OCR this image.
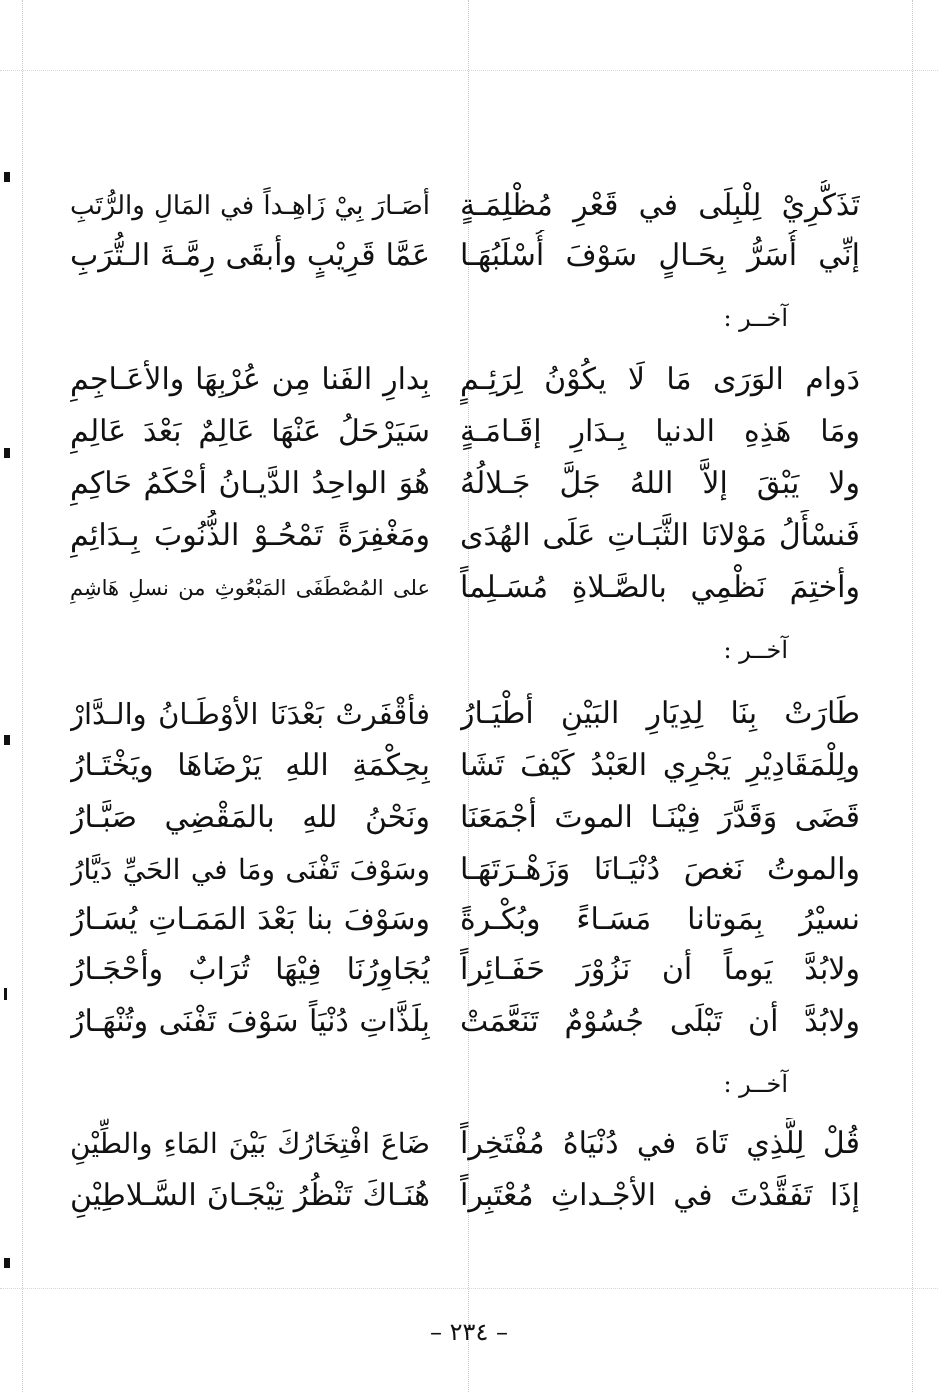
تَذَكُّرِيْ لِلْبِلَى في قَعْرِ مُظْلِمَـةٍ
أصَـارَ بِيْ زَاهِـداً في المَالِ والرُّتَبِ
إنِّي أُسَرُّ بِحَـالٍ سَوْفَ أُسْلَبُهَـا
عَمَّا قَرِيْبٍ وأبقَى رِمَّـةَ الـتُّرَبِ
آخــر :
دَوام الوَرَى مَا لَا يكُوْنُ لِرَئِـمٍ
بِدارِ الفَنا مِن عُرْبِهَا والأعَـاجِمِ
ومَا هَذِهِ الدنيا بِـدَارِ إقَـامَـةٍ
سَيَرْحَلُ عَنْهَا عَالِمٌ بَعْدَ عَالِمِ
ولا يَبْقَ إلاَّ اللهُ جَلَّ جَـلالُهُ
هُوَ الواحِدُ الدَّيـانُ أحْكَمُ حَاكِمِ
فَنسْأَلُ مَوْلانَا الثَّبَـاتِ عَلَى الهُدَى
ومَغْفِرَةً تَمْحُـوْ الذُّنُوبَ بِـدَائِمِ
وأختِمَ نَظْمِي بالصَّـلاةِ مُسَـلِماً
على المُصْطَفَى المَبْعُوثِ من نسلِ هَاشِمِ
آخــر :
طَارَتْ بِنَا لِدِيَارِ البَيْنِ أطْيَـارُ
فأقْفَرتْ بَعْدَنَا الأوْطَـانُ والـدَّارْ
ولِلْمَقَادِيْرِ يَجْرِي العَبْدُ كَيْفَ تَشَا
بِحِكْمَةِ اللهِ يَرْضَاهَا ويَخْتَـارُ
قَضَى وَقَدَّرَ فِيْنَـا الموتَ أجْمَعَنَا
ونَحْنُ للهِ بالمَقْضِي صَبَّـارُ
والموتُ نَغصَ دُنْيَـانَا وَزَهْـرَتَهَـا
وسَوْفَ تَفْنَى ومَا في الحَيِّ دَيَّارُ
نسيْرُ بِمَوتانا مَسَـاءً وبُكْـرةً
وسَوْفَ بنا بَعْدَ المَمَـاتِ يُسَـارُ
ولابُدَّ يَوماً أن نَزُوْرَ حَفَـائِراً
يُجَاوِرُنَا فِيْهَا تُرَابٌ وأحْجَـارُ
ولابُدَّ أن تَبْلَى جُسُوْمٌ تَنَعَّمَتْ
بِلَذَّاتِ دُنْيَاً سَوْفَ تَفْنَى وتُنْهَـارُ
آخــر :
قُلْ لِلَّذِي تَاهَ في دُنْيَاهُ مُفْتَخِراً
ضَاعَ افْتِخَارُكَ بَيْنَ المَاءِ والطِّيْنِ
إذَا تَفَقَّدْتَ في الأجْـداثِ مُعْتَبِراً
هُنَـاكَ تَنْظُرُ تِيْجَـانَ السَّـلاطِيْنِ
– ٢٣٤ –
